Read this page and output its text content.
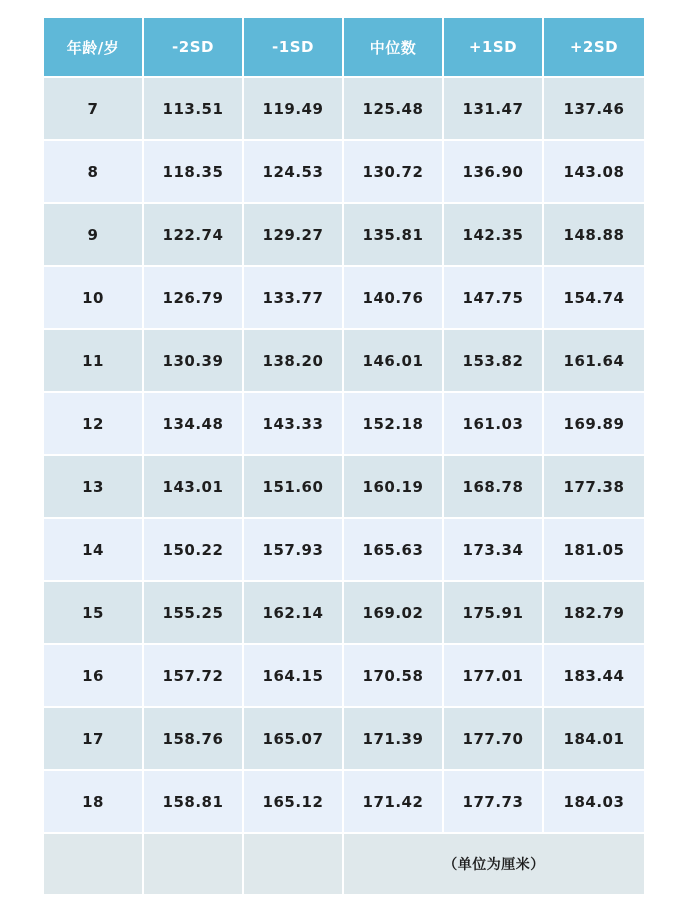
年龄/岁	-2SD	-1SD	中位数	+1SD	+2SD
7	113.51	119.49	125.48	131.47	137.46
8	118.35	124.53	130.72	136.90	143.08
9	122.74	129.27	135.81	142.35	148.88
10	126.79	133.77	140.76	147.75	154.74
11	130.39	138.20	146.01	153.82	161.64
12	134.48	143.33	152.18	161.03	169.89
13	143.01	151.60	160.19	168.78	177.38
14	150.22	157.93	165.63	173.34	181.05
15	155.25	162.14	169.02	175.91	182.79
16	157.72	164.15	170.58	177.01	183.44
17	158.76	165.07	171.39	177.70	184.01
18	158.81	165.12	171.42	177.73	184.03
			（单位为厘米）		
